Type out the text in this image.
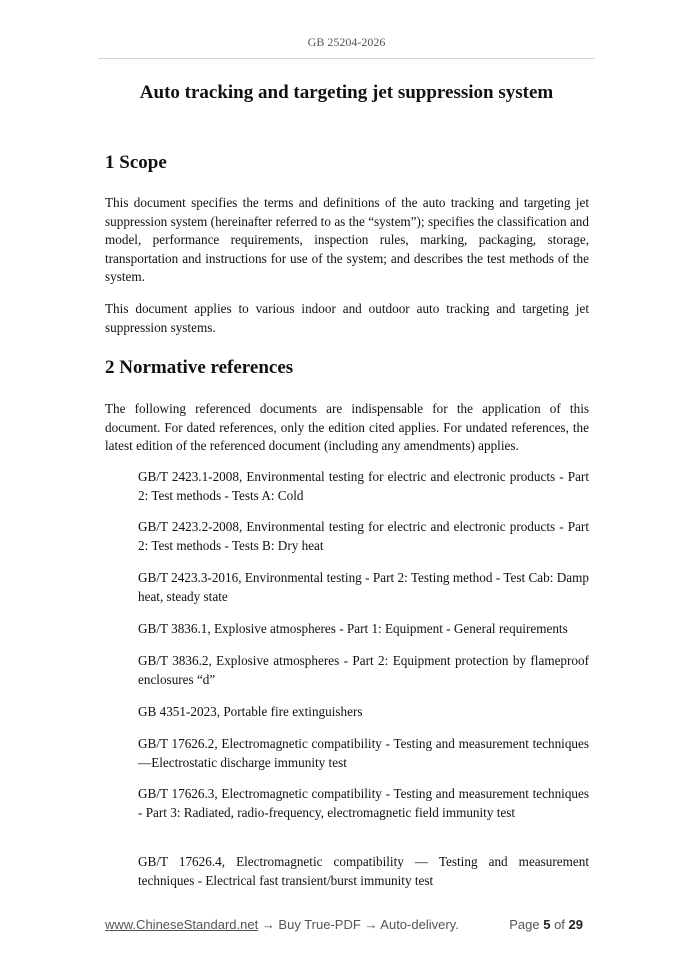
GB 25204-2026
Auto tracking and targeting jet suppression system
1 Scope
This document specifies the terms and definitions of the auto tracking and targeting jet suppression system (hereinafter referred to as the “system”); specifies the classification and model, performance requirements, inspection rules, marking, packaging, storage, transportation and instructions for use of the system; and describes the test methods of the system.
This document applies to various indoor and outdoor auto tracking and targeting jet suppression systems.
2 Normative references
The following referenced documents are indispensable for the application of this document. For dated references, only the edition cited applies. For undated references, the latest edition of the referenced document (including any amendments) applies.
GB/T 2423.1-2008, Environmental testing for electric and electronic products - Part 2: Test methods - Tests A: Cold
GB/T 2423.2-2008, Environmental testing for electric and electronic products - Part 2: Test methods - Tests B: Dry heat
GB/T 2423.3-2016, Environmental testing - Part 2: Testing method - Test Cab: Damp heat, steady state
GB/T 3836.1, Explosive atmospheres - Part 1: Equipment - General requirements
GB/T 3836.2, Explosive atmospheres - Part 2: Equipment protection by flameproof enclosures “d”
GB 4351-2023, Portable fire extinguishers
GB/T 17626.2, Electromagnetic compatibility - Testing and measurement techniques—Electrostatic discharge immunity test
GB/T 17626.3, Electromagnetic compatibility - Testing and measurement techniques - Part 3: Radiated, radio-frequency, electromagnetic field immunity test
GB/T 17626.4, Electromagnetic compatibility — Testing and measurement techniques - Electrical fast transient/burst immunity test
www.ChineseStandard.net → Buy True-PDF → Auto-delivery.	Page 5 of 29
